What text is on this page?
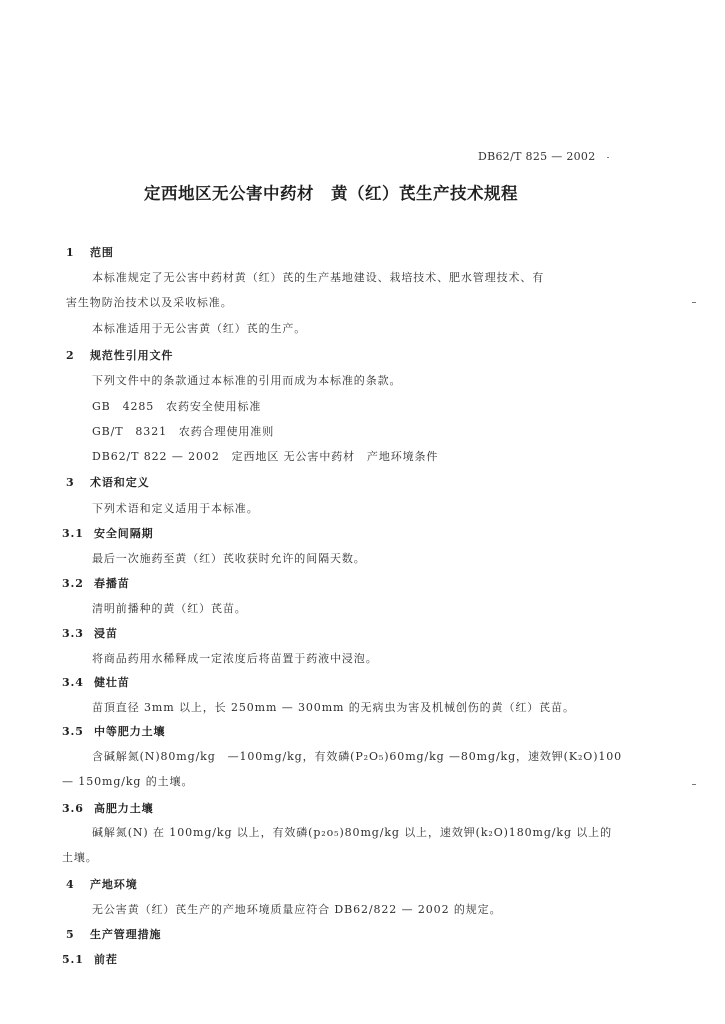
DB62/T 825 — 2002
定西地区无公害中药材　黄（红）芪生产技术规程
1 范围
本标准规定了无公害中药材黄（红）芪的生产基地建设、栽培技术、肥水管理技术、有
害生物防治技术以及采收标准。
本标准适用于无公害黄（红）芪的生产。
2 规范性引用文件
下列文件中的条款通过本标准的引用而成为本标准的条款。
GB　4285　农药安全使用标准
GB/T　8321　农药合理使用准则
DB62/T 822 — 2002　定西地区 无公害中药材　产地环境条件
3 术语和定义
下列术语和定义适用于本标准。
3.1 安全间隔期
最后一次施药至黄（红）芪收获时允许的间隔天数。
3.2 春播苗
清明前播种的黄（红）芪苗。
3.3 浸苗
将商品药用水稀释成一定浓度后将苗置于药液中浸泡。
3.4 健壮苗
苗頂直径 3mm 以上，长 250mm — 300mm 的无病虫为害及机械创伤的黄（红）芪苗。
3.5 中等肥力土壤
含碱解氮(N)80mg/kg　—100mg/kg，有效磷(P₂O₅)60mg/kg —80mg/kg，速效钾(K₂O)100
— 150mg/kg 的土壤。
3.6 高肥力土壤
碱解氮(N) 在 100mg/kg 以上，有效磷(p₂o₅)80mg/kg 以上，速效钾(k₂O)180mg/kg 以上的
土壤。
4 产地环境
无公害黄（红）芪生产的产地环境质量应符合 DB62/822 — 2002 的规定。
5 生产管理措施
5.1 前茬
